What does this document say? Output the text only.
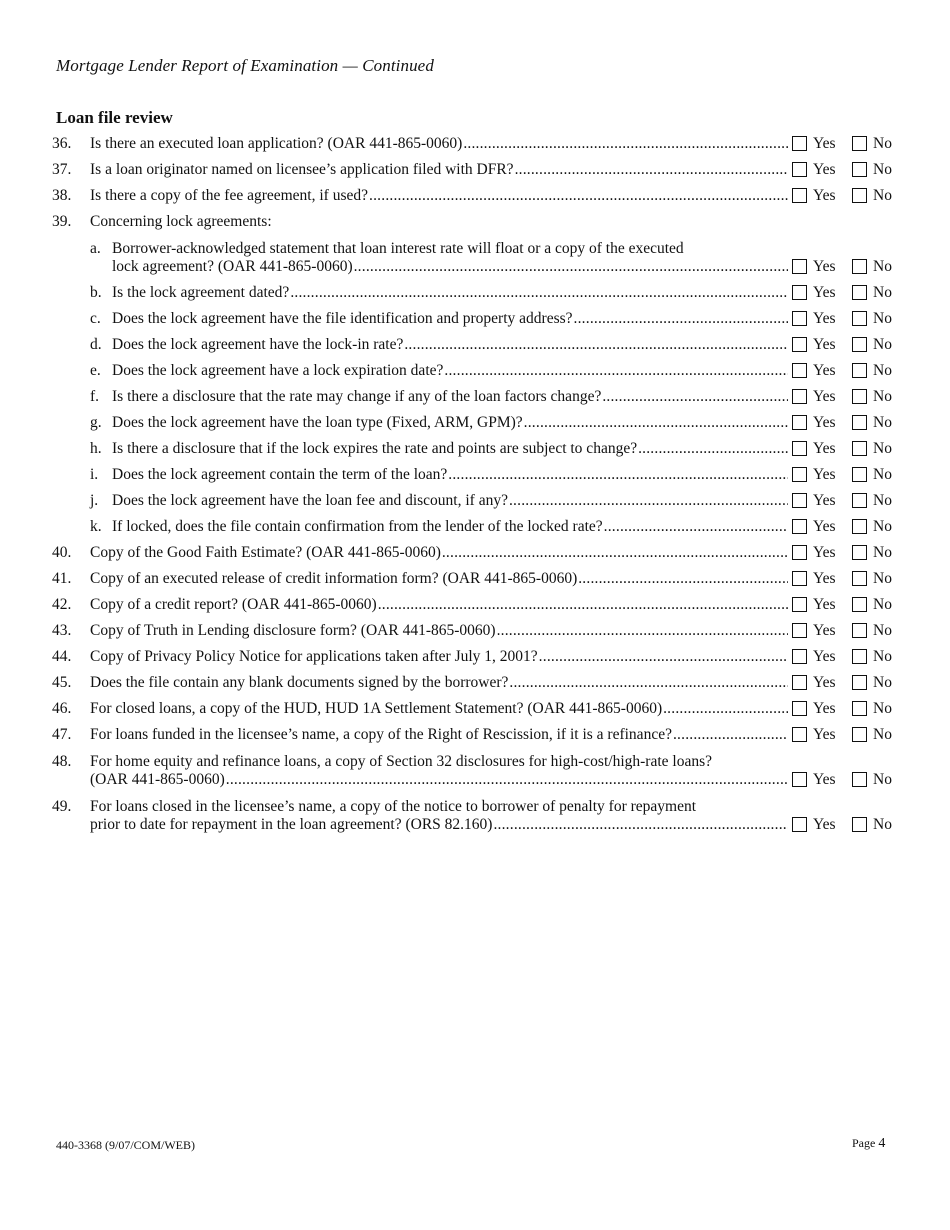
Mortgage Lender Report of Examination — Continued
Loan file review
36. Is there an executed loan application? (OAR 441-865-0060) .....	Yes No
37. Is a loan originator named on licensee’s application filed with DFR? .....	Yes No
38. Is there a copy of the fee agreement, if used? .....	Yes No
39. Concerning lock agreements:
a. Borrower-acknowledged statement that loan interest rate will float or a copy of the executed
lock agreement? (OAR 441-865-0060) .....	Yes No
b. Is the lock agreement dated? .....	Yes No
c. Does the lock agreement have the file identification and property address? .....	Yes No
d. Does the lock agreement have the lock-in rate? .....	Yes No
e. Does the lock agreement have a lock expiration date? .....	Yes No
f. Is there a disclosure that the rate may change if any of the loan factors change? .....	Yes No
g. Does the lock agreement have the loan type (Fixed, ARM, GPM)? .....	Yes No
h. Is there a disclosure that if the lock expires the rate and points are subject to change? .....	Yes No
i. Does the lock agreement contain the term of the loan? .....	Yes No
j. Does the lock agreement have the loan fee and discount, if any? .....	Yes No
k. If locked, does the file contain confirmation from the lender of the locked rate? .....	Yes No
40. Copy of the Good Faith Estimate? (OAR 441-865-0060) .....	Yes No
41. Copy of an executed release of credit information form? (OAR 441-865-0060) .....	Yes No
42. Copy of a credit report? (OAR 441-865-0060) .....	Yes No
43. Copy of Truth in Lending disclosure form? (OAR 441-865-0060) .....	Yes No
44. Copy of Privacy Policy Notice for applications taken after July 1, 2001? .....	Yes No
45. Does the file contain any blank documents signed by the borrower? .....	Yes No
46. For closed loans, a copy of the HUD, HUD 1A Settlement Statement? (OAR 441-865-0060) .....	Yes No
47. For loans funded in the licensee’s name, a copy of the Right of Rescission, if it is a refinance? .....	Yes No
48. For home equity and refinance loans, a copy of Section 32 disclosures for high-cost/high-rate loans?
(OAR 441-865-0060) .....	Yes No
49. For loans closed in the licensee’s name, a copy of the notice to borrower of penalty for repayment
prior to date for repayment in the loan agreement? (ORS 82.160) .....	Yes No
440-3368 (9/07/COM/WEB)	Page 4
